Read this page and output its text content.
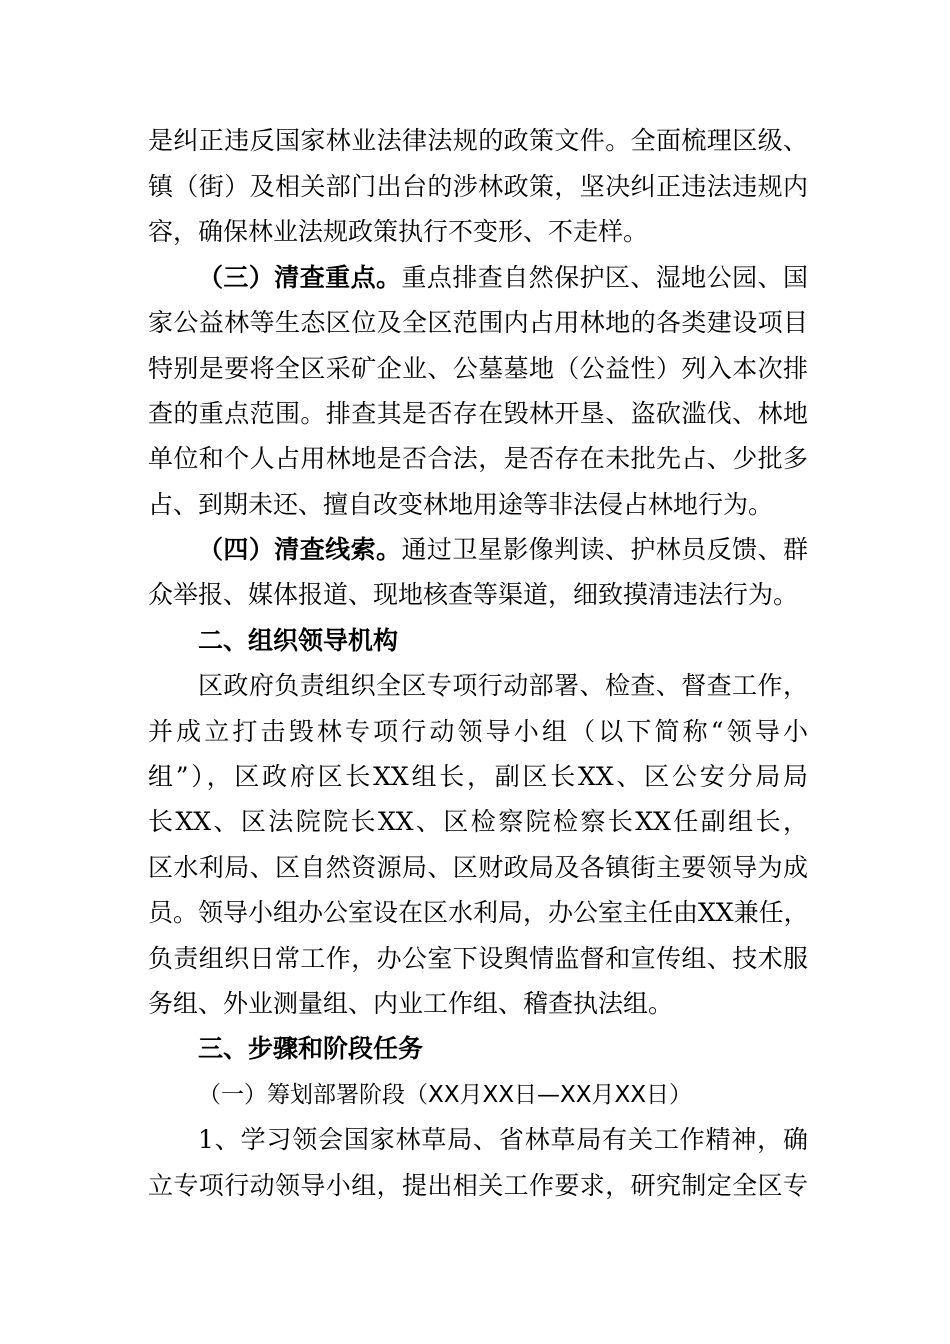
是纠正违反国家林业法律法规的政策文件。全面梳理区级、
镇（街）及相关部门出台的涉林政策，坚决纠正违法违规内
容，确保林业法规政策执行不变形、不走样。
（三）清查重点。重点排查自然保护区、湿地公园、国
家公益林等生态区位及全区范围内占用林地的各类建设项目
特别是要将全区采矿企业、公墓墓地（公益性）列入本次排
查的重点范围。排查其是否存在毁林开垦、盗砍滥伐、林地
单位和个人占用林地是否合法，是否存在未批先占、少批多
占、到期未还、擅自改变林地用途等非法侵占林地行为。
（四）清查线索。通过卫星影像判读、护林员反馈、群
众举报、媒体报道、现地核查等渠道，细致摸清违法行为。
二、组织领导机构
区政府负责组织全区专项行动部署、检查、督查工作，
并成立打击毁林专项行动领导小组（以下简称“领导小
组”），区政府区长XX组长，副区长XX、区公安分局局
长XX、区法院院长XX、区检察院检察长XX任副组长，
区水利局、区自然资源局、区财政局及各镇街主要领导为成
员。领导小组办公室设在区水利局，办公室主任由XX兼任，
负责组织日常工作，办公室下设舆情监督和宣传组、技术服
务组、外业测量组、内业工作组、稽查执法组。
三、步骤和阶段任务
（一）筹划部署阶段（XX月XX日—XX月XX日）
1、学习领会国家林草局、省林草局有关工作精神，确
立专项行动领导小组，提出相关工作要求，研究制定全区专
